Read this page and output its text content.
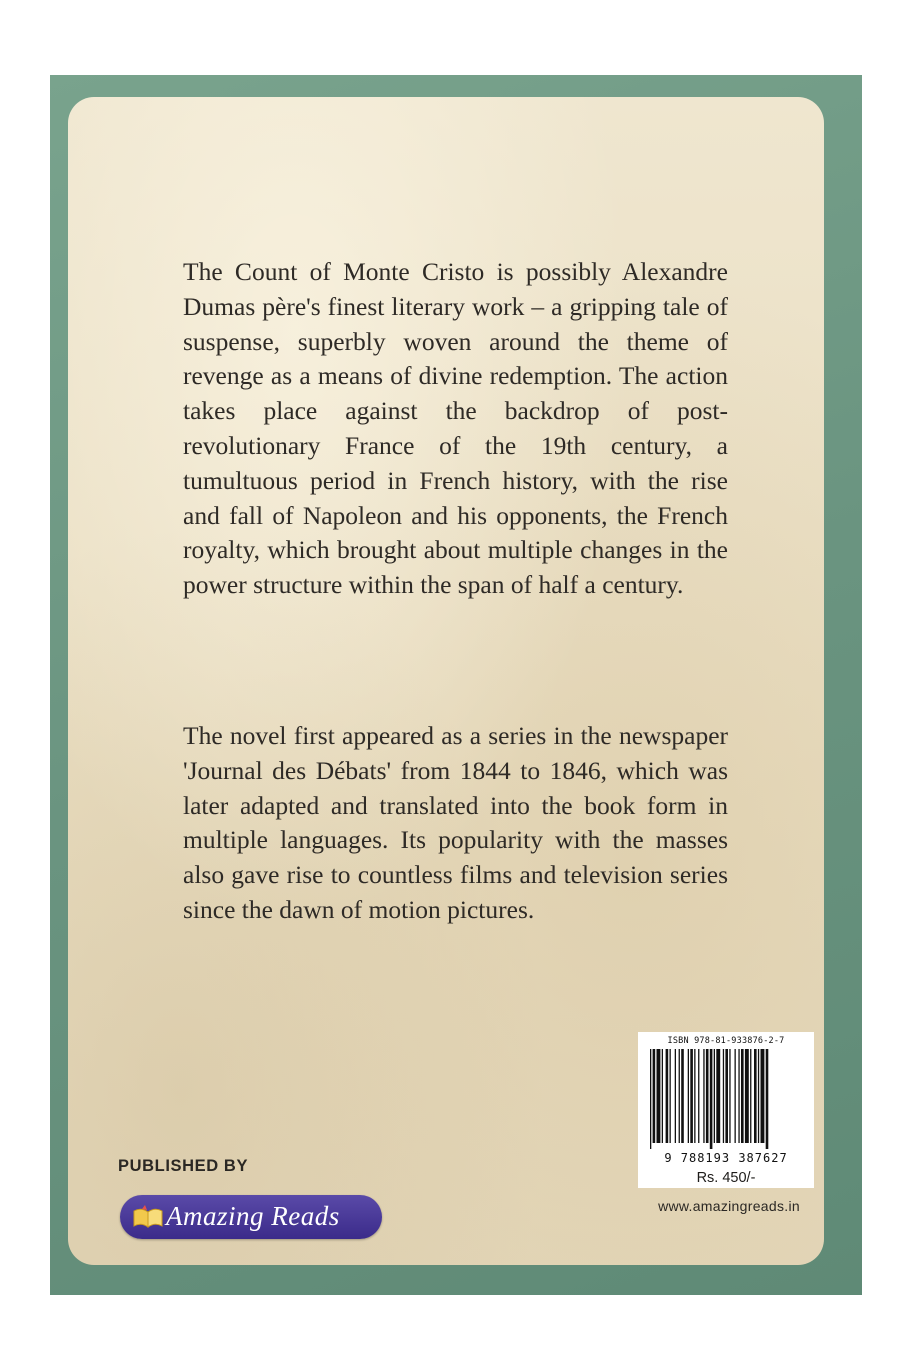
The Count of Monte Cristo is possibly Alexandre Dumas père's finest literary work – a gripping tale of suspense, superbly woven around the theme of revenge as a means of divine redemption. The action takes place against the backdrop of post-revolutionary France of the 19th century, a tumultuous period in French history, with the rise and fall of Napoleon and his opponents, the French royalty, which brought about multiple changes in the power structure within the span of half a century.

The novel first appeared as a series in the newspaper 'Journal des Débats' from 1844 to 1846, which was later adapted and translated into the book form in multiple languages. Its popularity with the masses also gave rise to countless films and television series since the dawn of motion pictures.

PUBLISHED BY
Amazing Reads
ISBN 978-81-933876-2-7
9 788193 387627
Rs. 450/-
www.amazingreads.in
